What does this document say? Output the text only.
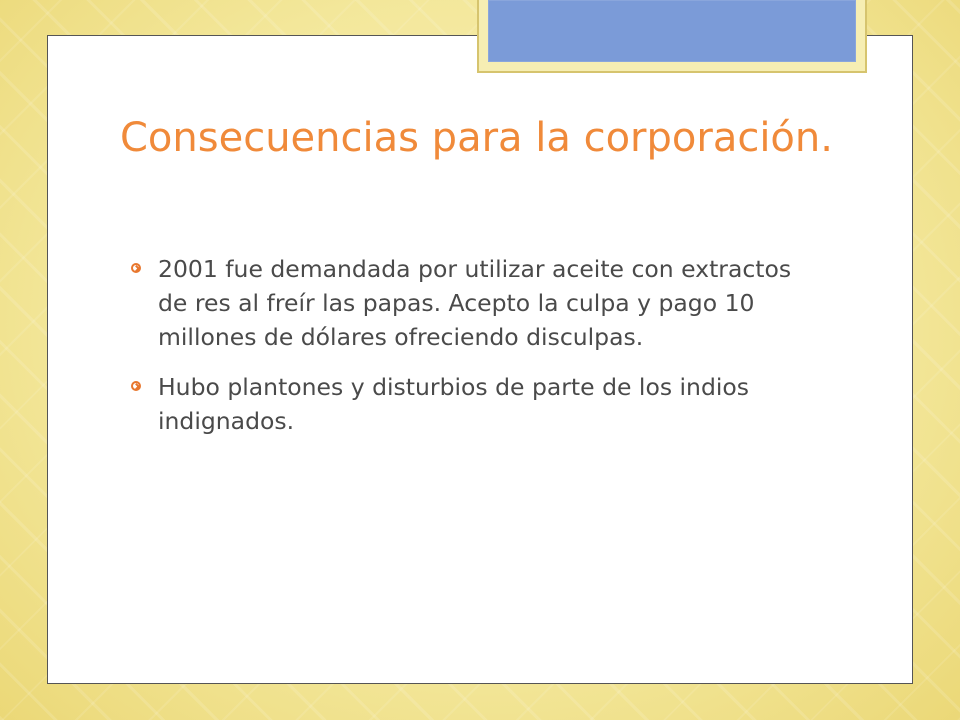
Consecuencias para la corporación.
2001 fue demandada por utilizar aceite con extractos de res al freír las papas. Acepto la culpa y pago 10 millones de dólares ofreciendo disculpas.
Hubo plantones y disturbios de parte de los indios indignados.
